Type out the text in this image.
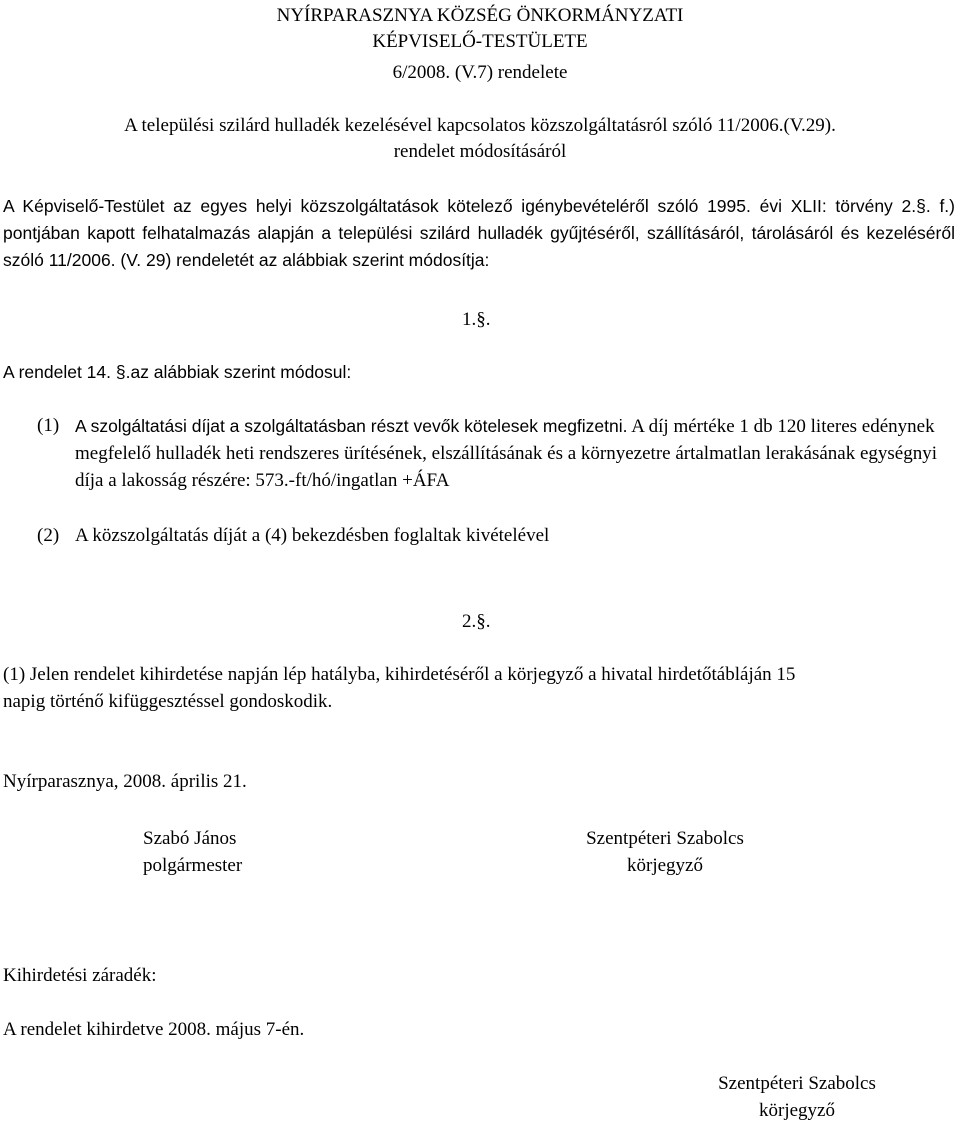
NYÍRPARASZNYA KÖZSÉG ÖNKORMÁNYZATI
KÉPVISELŐ-TESTÜLETE
6/2008. (V.7) rendelete
A települési szilárd hulladék kezelésével kapcsolatos közszolgáltatásról szóló 11/2006.(V.29).
rendelet módosításáról
A Képviselő-Testület az egyes helyi közszolgáltatások kötelező igénybevételéről szóló 1995. évi XLII: törvény 2.§. f.) pontjában kapott felhatalmazás alapján a települési szilárd hulladék gyűjtéséről, szállításáról, tárolásáról és kezeléséről szóló 11/2006. (V. 29) rendeletét az alábbiak szerint módosítja:
1.§.
A rendelet 14. §.az alábbiak szerint módosul:
(1) A szolgáltatási díjat a szolgáltatásban részt vevők kötelesek megfizetni. A díj mértéke 1 db 120 literes edénynek megfelelő hulladék heti rendszeres ürítésének, elszállításának és a környezetre ártalmatlan lerakásának egységnyi díja a lakosság részére: 573.-ft/hó/ingatlan +ÁFA
(2) A közszolgáltatás díját a (4) bekezdésben foglaltak kivételével
2.§.
(1) Jelen rendelet kihirdetése napján lép hatályba, kihirdetéséről a körjegyző a hivatal hirdetőtábláján 15 napig történő kifüggesztéssel gondoskodik.
Nyírparasznya, 2008. április 21.
Szabó János
polgármester
Szentpéteri Szabolcs
körjegyző
Kihirdetési záradék:
A rendelet kihirdetve 2008. május 7-én.
Szentpéteri Szabolcs
körjegyző
